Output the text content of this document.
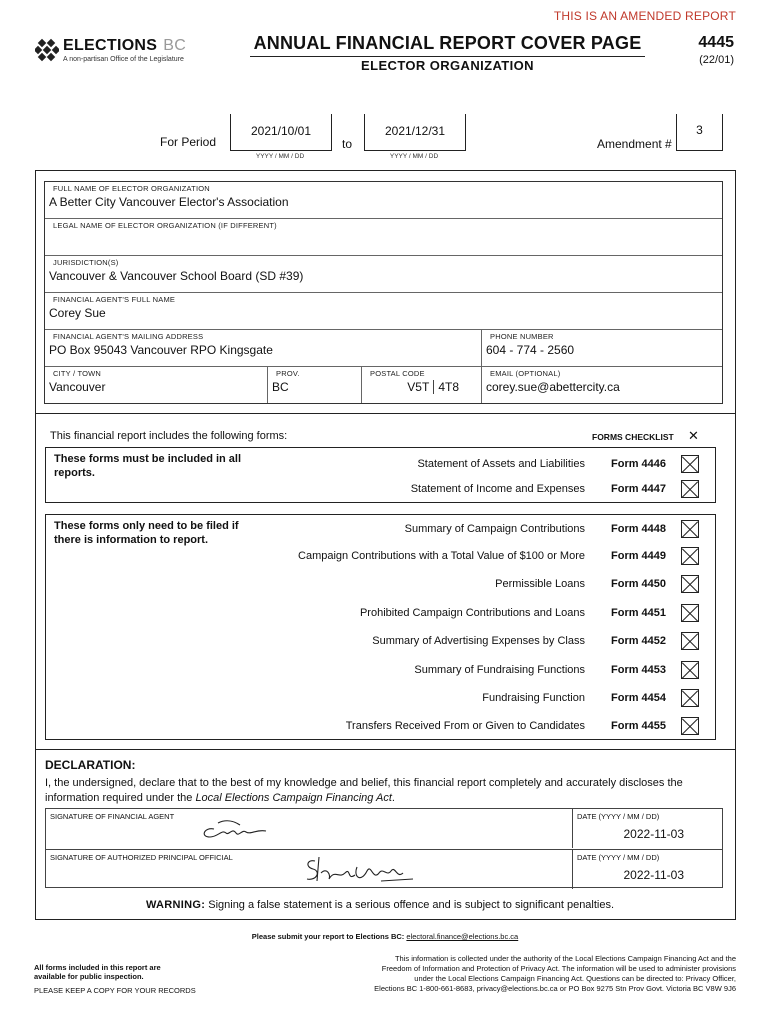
THIS IS AN AMENDED REPORT
ELECTIONS BC
A non-partisan Office of the Legislature
ANNUAL FINANCIAL REPORT COVER PAGE
ELECTOR ORGANIZATION
4445
(22/01)
For Period
2021/10/01
YYYY / MM / DD
to
2021/12/31
YYYY / MM / DD
Amendment #
3
FULL NAME OF ELECTOR ORGANIZATION
A Better City Vancouver Elector's Association
LEGAL NAME OF ELECTOR ORGANIZATION (IF DIFFERENT)
JURISDICTION(S)
Vancouver & Vancouver School Board (SD #39)
FINANCIAL AGENT'S FULL NAME
Corey Sue
FINANCIAL AGENT'S MAILING ADDRESS
PO Box 95043 Vancouver RPO Kingsgate
PHONE NUMBER
604 - 774 - 2560
CITY / TOWN
Vancouver
PROV.
BC
POSTAL CODE
V5T 4T8
EMAIL (OPTIONAL)
corey.sue@abettercity.ca
This financial report includes the following forms:	FORMS CHECKLIST ✕
These forms must be included in all reports.
Statement of Assets and Liabilities	Form 4446
Statement of Income and Expenses	Form 4447
These forms only need to be filed if there is information to report.
Summary of Campaign Contributions	Form 4448
Campaign Contributions with a Total Value of $100 or More	Form 4449
Permissible Loans	Form 4450
Prohibited Campaign Contributions and Loans	Form 4451
Summary of Advertising Expenses by Class	Form 4452
Summary of Fundraising Functions	Form 4453
Fundraising Function	Form 4454
Transfers Received From or Given to Candidates	Form 4455
DECLARATION:
I, the undersigned, declare that to the best of my knowledge and belief, this financial report completely and accurately discloses the information required under the Local Elections Campaign Financing Act.
SIGNATURE OF FINANCIAL AGENT	DATE (YYYY / MM / DD)
2022-11-03
SIGNATURE OF AUTHORIZED PRINCIPAL OFFICIAL	DATE (YYYY / MM / DD)
2022-11-03
WARNING: Signing a false statement is a serious offence and is subject to significant penalties.
Please submit your report to Elections BC: electoral.finance@elections.bc.ca
All forms included in this report are
available for public inspection.
PLEASE KEEP A COPY FOR YOUR RECORDS
This information is collected under the authority of the Local Elections Campaign Financing Act and the
Freedom of Information and Protection of Privacy Act. The information will be used to administer provisions
under the Local Elections Campaign Financing Act. Questions can be directed to: Privacy Officer,
Elections BC 1-800-661-8683, privacy@elections.bc.ca or PO Box 9275 Stn Prov Govt. Victoria BC V8W 9J6
